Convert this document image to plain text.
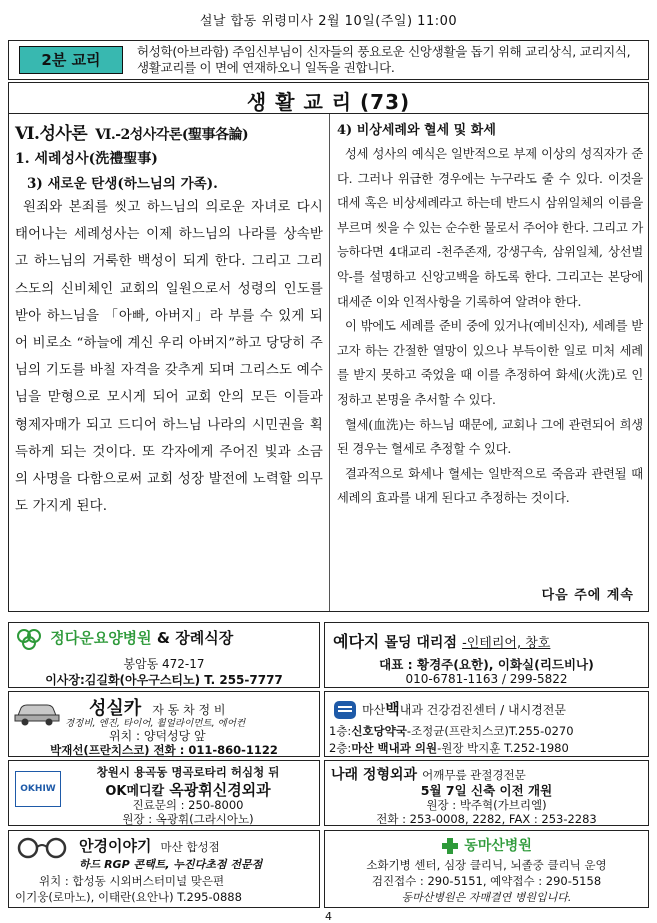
설날 합동 위령미사 2월 10일(주일) 11:00
2분 교리	허성학(아브라함) 주임신부님이 신자들의 풍요로운 신앙생활을 돕기 위해 교리상식, 교리지식, 생활교리를 이 면에 연재하오니 일독을 권합니다.
생 활 교 리 (73)
Ⅵ.성사론 Ⅵ.-2성사각론(聖事各論)
1. 세례성사(洗禮聖事)
3) 새로운 탄생(하느님의 가족).

원죄와 본죄를 씻고 하느님의 의로운 자녀로 다시 태어나는 세례성사는 이제 하느님의 나라를 상속받고 하느님의 거룩한 백성이 되게 한다. 그리고 그리스도의 신비체인 교회의 일원으로서 성령의 인도를 받아 하느님을 「아빠, 아버지」라 부를 수 있게 되어 비로소 “하늘에 계신 우리 아버지”하고 당당히 주님의 기도를 바칠 자격을 갖추게 되며 그리스도 예수님을 맏형으로 모시게 되어 교회 안의 모든 이들과 형제자매가 되고 드디어 하느님 나라의 시민권을 획득하게 되는 것이다. 또 각자에게 주어진 빛과 소금의 사명을 다함으로써 교회 성장 발전에 노력할 의무도 가지게 된다.

4) 비상세례와 혈세 및 화세

성세 성사의 예식은 일반적으로 부제 이상의 성직자가 준다. 그러나 위급한 경우에는 누구라도 줄 수 있다. 이것을 대세 혹은 비상세례라고 하는데 반드시 삼위일체의 이름을 부르며 씻을 수 있는 순수한 물로서 주어야 한다. 그리고 가능하다면 4대교리 -천주존재, 강생구속, 삼위일체, 상선벌악-를 설명하고 신앙고백을 하도록 한다. 그리고는 본당에 대세준 이와 인적사항을 기록하여 알려야 한다.

이 밖에도 세례를 준비 중에 있거나(예비신자), 세례를 받고자 하는 간절한 열망이 있으나 부득이한 일로 미처 세례를 받지 못하고 죽었을 때 이를 추정하여 화세(火洗)로 인정하고 본명을 추서할 수 있다.

혈세(血洗)는 하느님 때문에, 교회나 그에 관련되어 희생된 경우는 혈세로 추정할 수 있다.

결과적으로 화세나 혈세는 일반적으로 죽음과 관련될 때 세례의 효과를 내게 된다고 추정하는 것이다.

다음 주에 계속
정다운요양병원 & 장례식장
봉암동 472-17
이사장:김길화(아우구스티노) T. 255-7777
예다지 몰딩 대리점 -인테리어, 창호
대표 : 황경주(요한), 이화실(리드비나)
010-6781-1163 / 299-5822
성실카 자 동 차 정 비
경정비, 엔진, 타이어, 휠얼라이먼트, 에어컨
위치 : 양덕성당 앞
박재선(프란치스코) 전화 : 011-860-1122
마산백내과 건강검진센터 / 내시경전문
1층:신호당약국-조정균(프란치스코)T.255-0270
2층:마산 백내과 의원-원장 박지훈 T.252-1980
OKHIW
창원시 용곡동 명곡로타리 허심청 뒤
OK메디칼 옥광휘신경외과
진료문의 : 250-8000
원장 : 옥광휘(그라시아노)
나래 정형외과 어깨무릎 관절경전문
5월 7일 신축 이전 개원
원장 : 박주혁(가브리엘)
전화 : 253-0008, 2282, FAX : 253-2283
안경이야기 마산 합성점
하드 RGP 콘택트, 누진다초점 전문점
위치 : 합성동 시외버스터미널 맞은편
이기웅(로마노), 이태란(요안나) T.295-0888
동마산병원
소화기병 센터, 심장 클리닉, 뇌졸중 클리닉 운영
검진접수 : 290-5151, 예약접수 : 290-5158
동마산병원은 자매결연 병원입니다.
4
